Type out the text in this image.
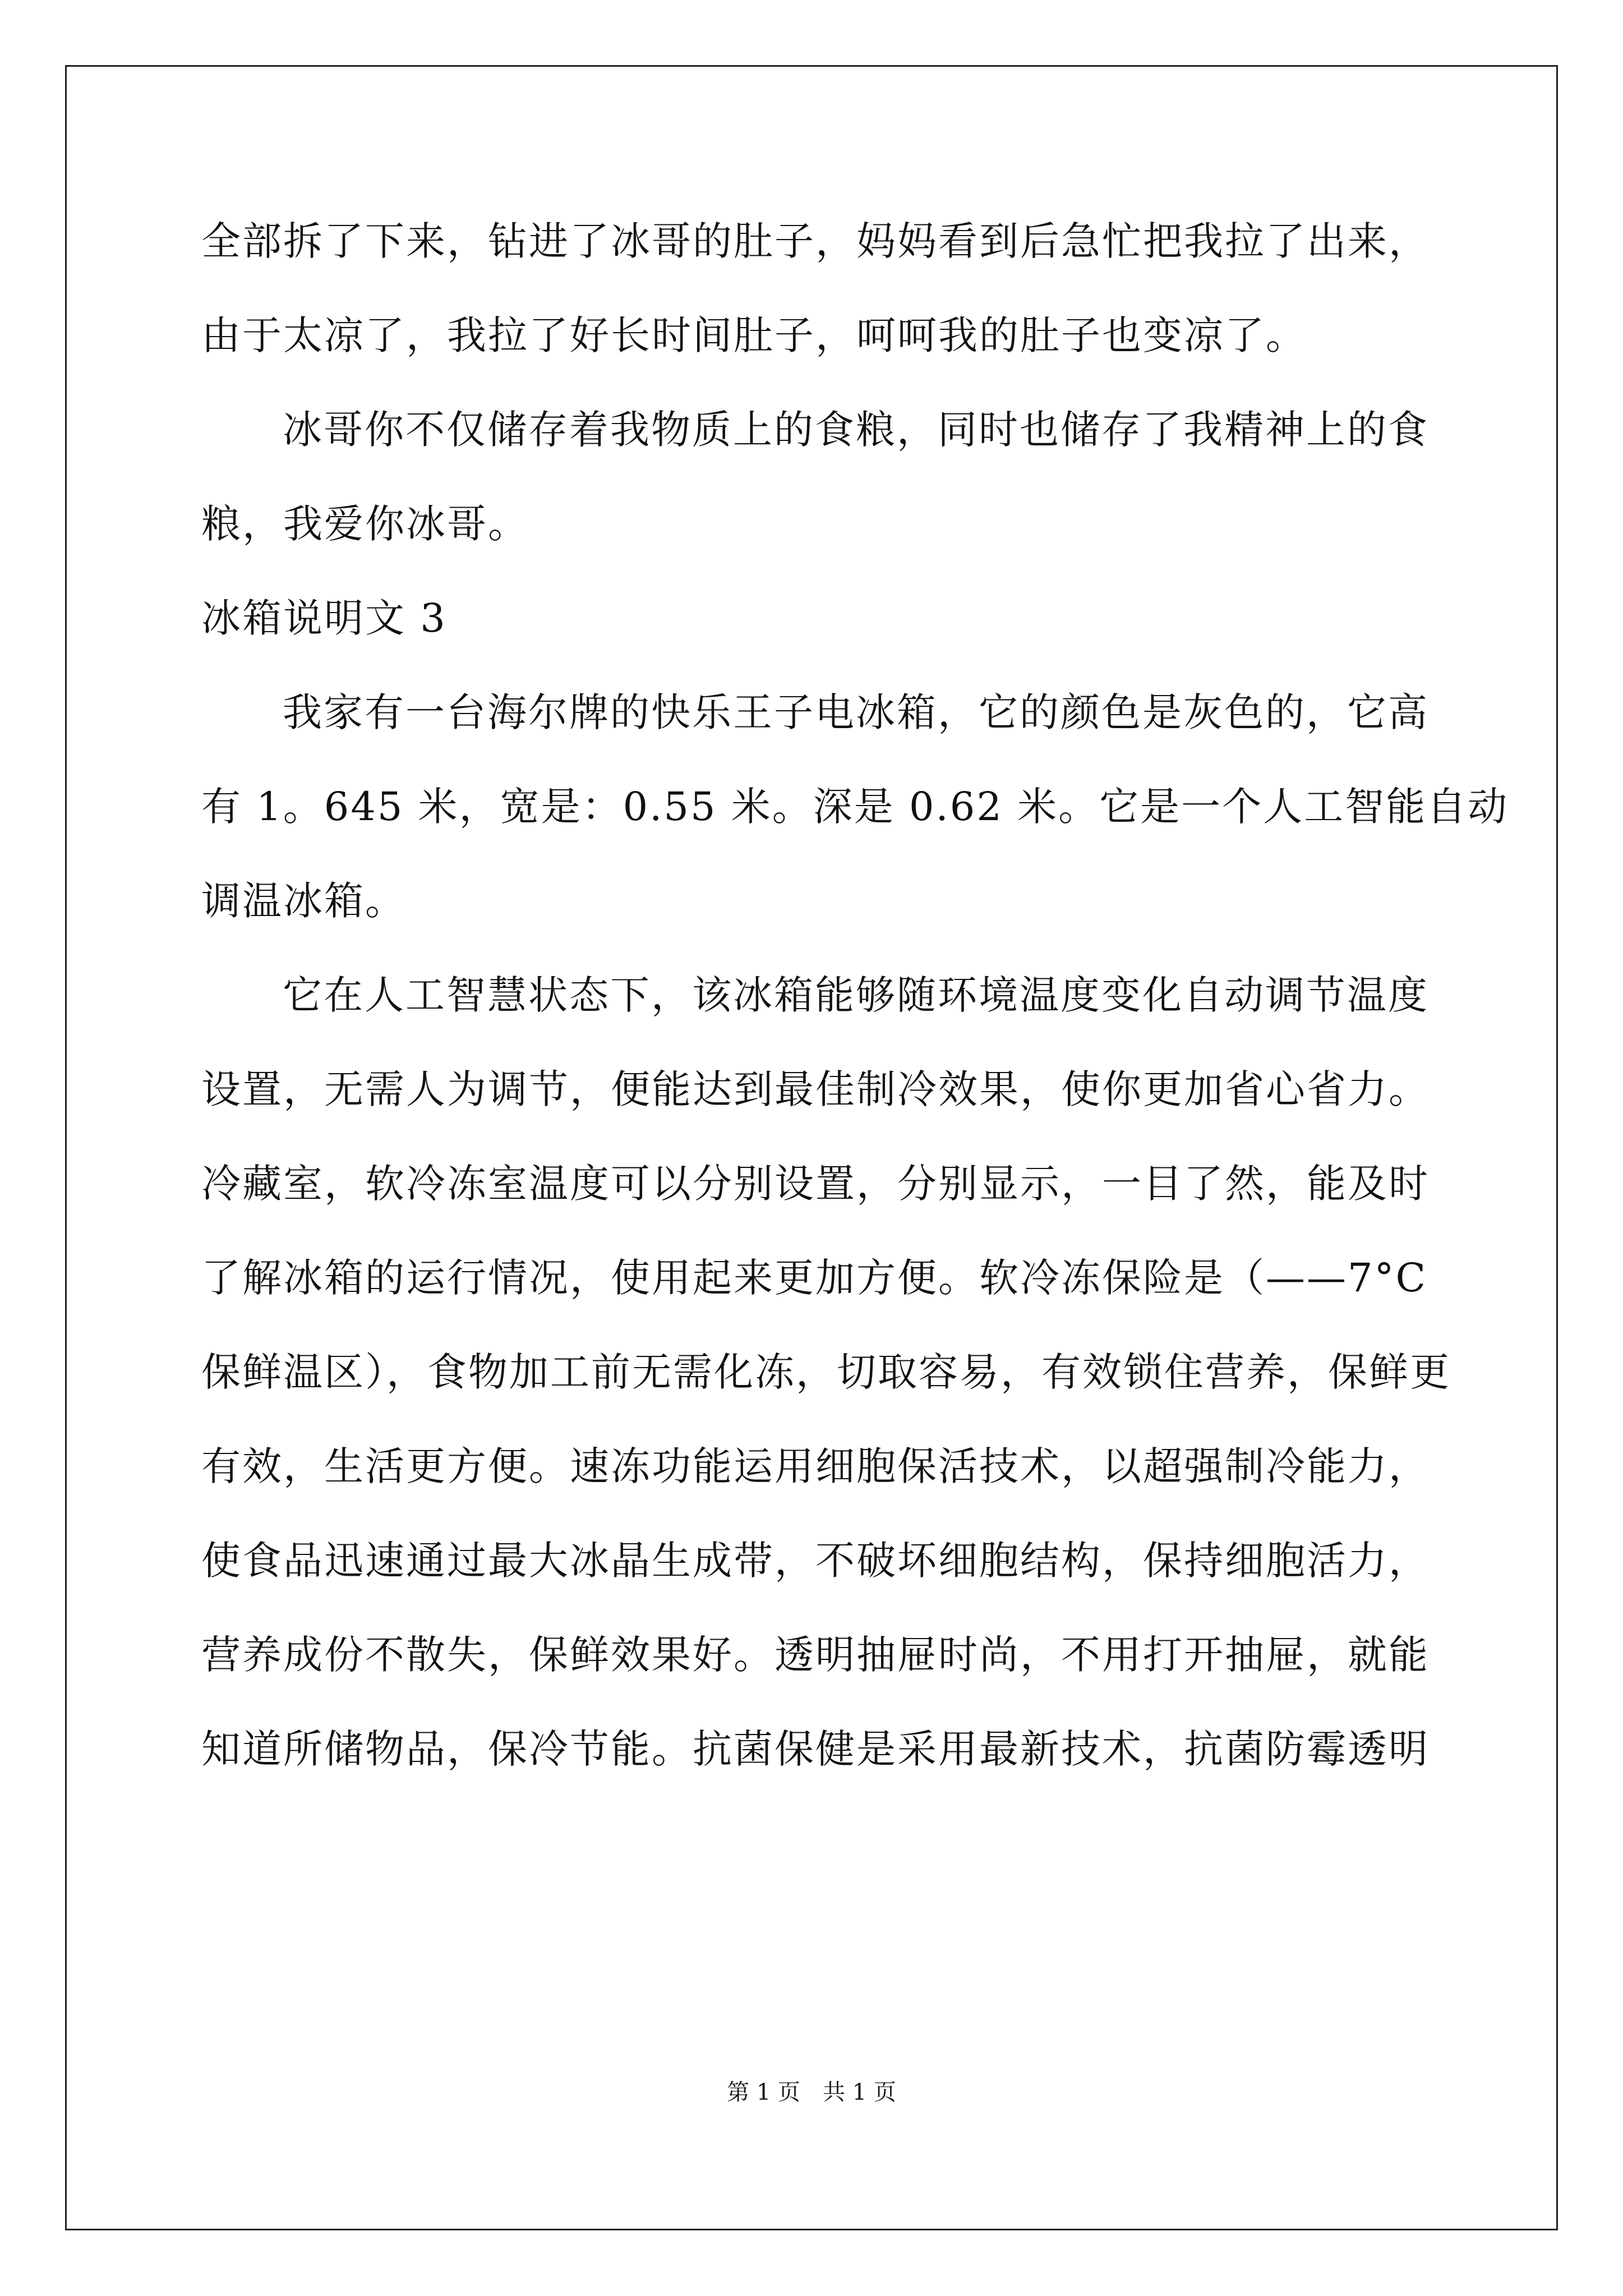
全部拆了下来，钻进了冰哥的肚子，妈妈看到后急忙把我拉了出来，
由于太凉了，我拉了好长时间肚子，呵呵我的肚子也变凉了。
冰哥你不仅储存着我物质上的食粮，同时也储存了我精神上的食
粮，我爱你冰哥。
冰箱说明文 3
我家有一台海尔牌的快乐王子电冰箱，它的颜色是灰色的，它高
有 1。645 米，宽是：0.55 米。深是 0.62 米。它是一个人工智能自动
调温冰箱。
它在人工智慧状态下，该冰箱能够随环境温度变化自动调节温度
设置，无需人为调节，便能达到最佳制冷效果，使你更加省心省力。
冷藏室，软冷冻室温度可以分别设置，分别显示，一目了然，能及时
了解冰箱的运行情况，使用起来更加方便。软冷冻保险是（——7°C
保鲜温区），食物加工前无需化冻，切取容易，有效锁住营养，保鲜更
有效，生活更方便。速冻功能运用细胞保活技术，以超强制冷能力，
使食品迅速通过最大冰晶生成带，不破坏细胞结构，保持细胞活力，
营养成份不散失，保鲜效果好。透明抽屉时尚，不用打开抽屉，就能
知道所储物品，保冷节能。抗菌保健是采用最新技术，抗菌防霉透明
第 1 页　共 1 页
